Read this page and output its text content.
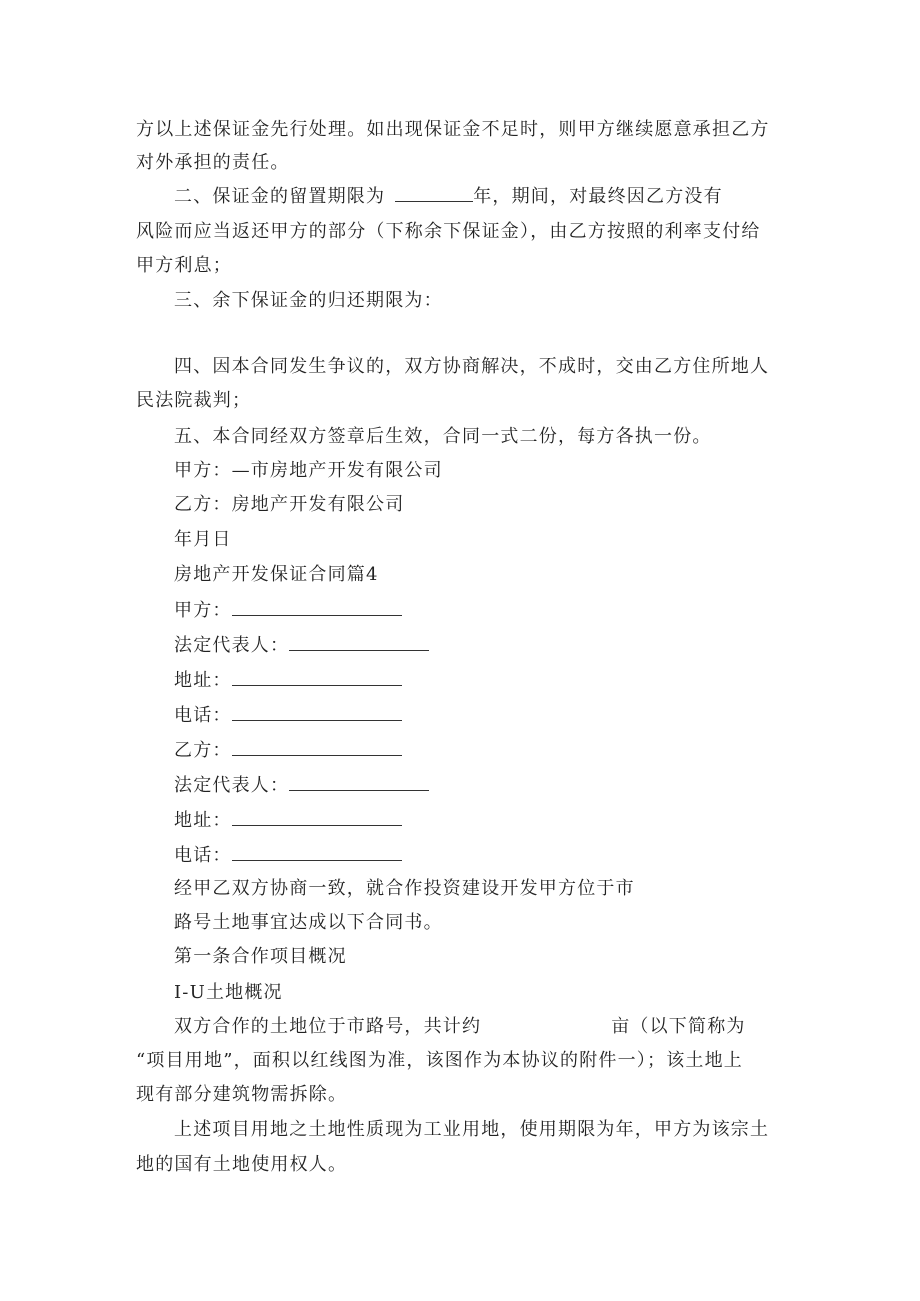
方以上述保证金先行处理。如出现保证金不足时，则甲方继续愿意承担乙方
对外承担的责任。
二、保证金的留置期限为	年，期间，对最终因乙方没有
风险而应当返还甲方的部分（下称余下保证金），由乙方按照的利率支付给
甲方利息；
三、余下保证金的归还期限为：
四、因本合同发生争议的，双方协商解决，不成时，交由乙方住所地人
民法院裁判；
五、本合同经双方签章后生效，合同一式二份，每方各执一份。
甲方：—市房地产开发有限公司
乙方：房地产开发有限公司
年月日
房地产开发保证合同篇4
甲方：
法定代表人：
地址：
电话：
乙方：
法定代表人：
地址：
电话：
经甲乙双方协商一致，就合作投资建设开发甲方位于市
路号土地事宜达成以下合同书。
第一条合作项目概况
I-U土地概况
双方合作的土地位于市路号，共计约	亩（以下简称为
“项目用地”，面积以红线图为准，该图作为本协议的附件一）；该土地上
现有部分建筑物需拆除。
上述项目用地之土地性质现为工业用地，使用期限为年，甲方为该宗土
地的国有土地使用权人。
